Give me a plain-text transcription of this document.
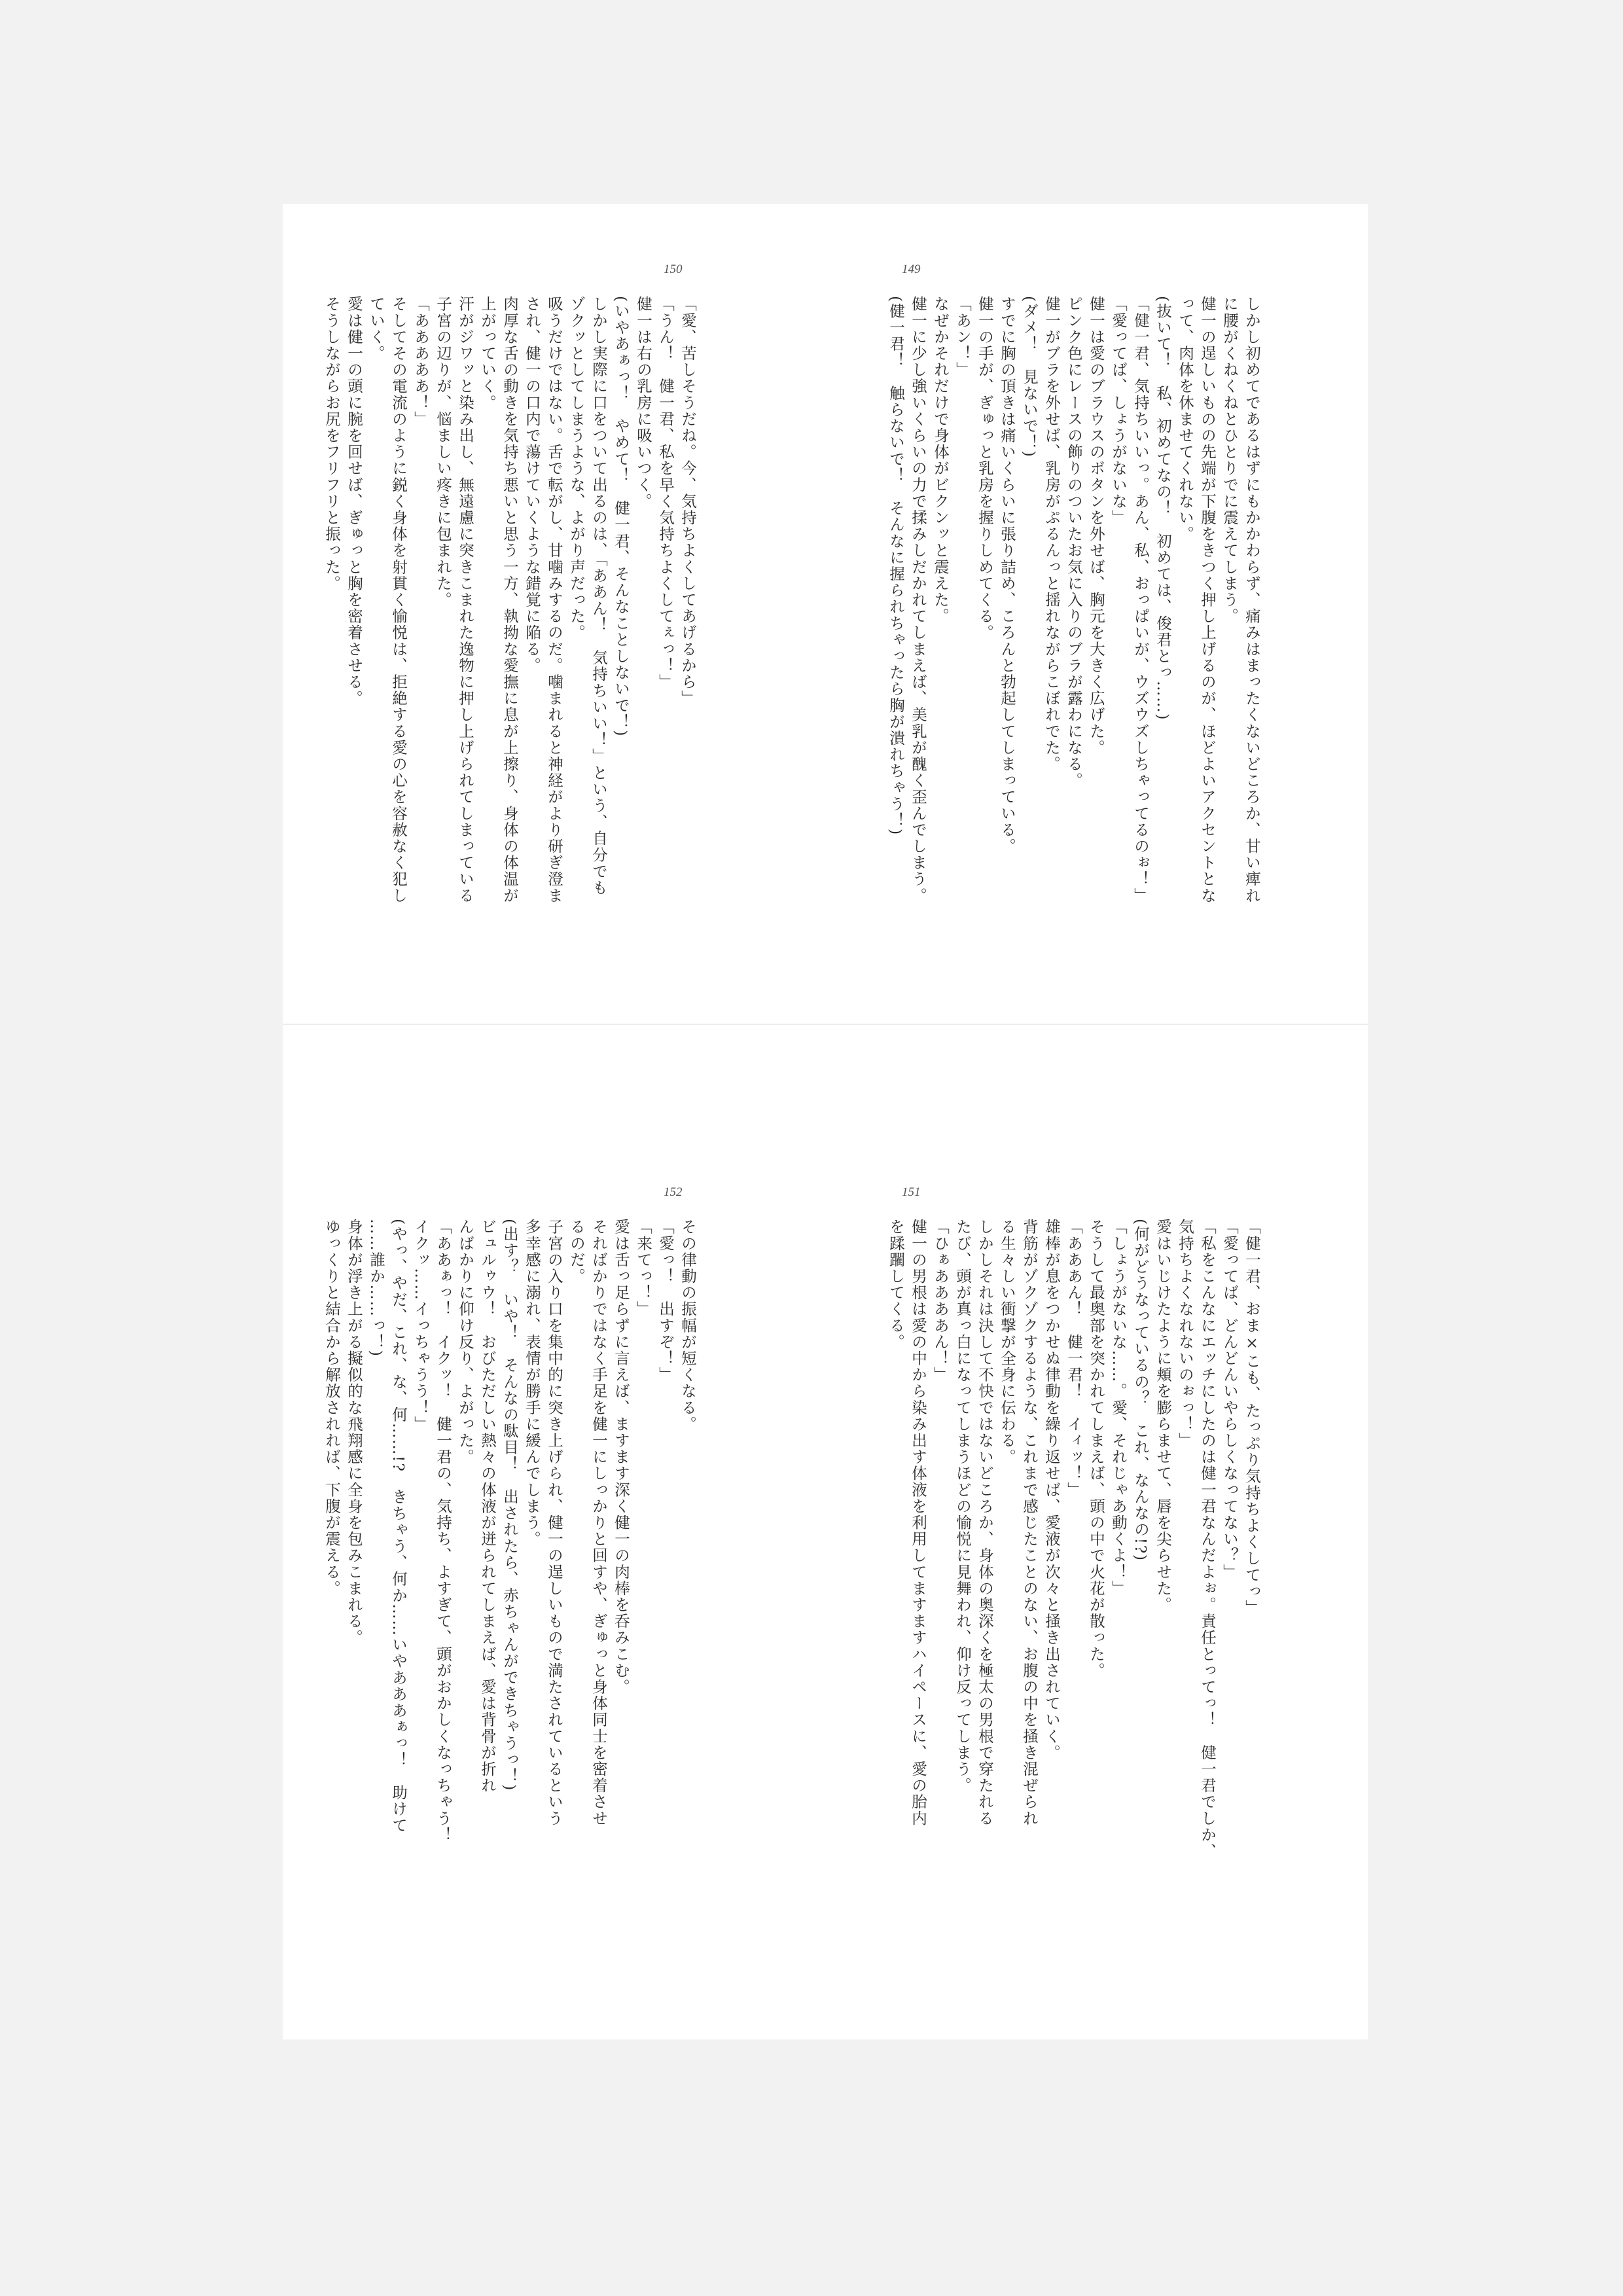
149

しかし初めてであるはずにもかかわらず、痛みはまったくないどころか、甘い痺れ

に腰がくねくねとひとりでに震えてしまう。

健一の逞しいものの先端が下腹をきつく押し上げるのが、ほどよいアクセントとな

って、肉体を休ませてくれない。

(抜いて！　私、初めてなの！　初めては、俊君とっ……)

「健一君、気持ちいいっ。あん、私、おっぱいが、ウズウズしちゃってるのぉ！」

「愛ってば、しょうがないな」

健一は愛のブラウスのボタンを外せば、胸元を大きく広げた。

ピンク色にレースの飾りのついたお気に入りのブラが露わになる。

健一がブラを外せば、乳房がぷるんっと揺れながらこぼれでた。

(ダメ！　見ないで！)

すでに胸の頂きは痛いくらいに張り詰め、ころんと勃起してしまっている。

健一の手が、ぎゅっと乳房を握りしめてくる。

「あン！」

なぜかそれだけで身体がビクンッと震えた。

健一に少し強いくらいの力で揉みしだかれてしまえば、美乳が醜く歪んでしまう。

(健一君！　触らないで！　そんなに握られちゃったら胸が潰れちゃう！)

150

「愛、苦しそうだね。今、気持ちよくしてあげるから」

「うん！　健一君、私を早く気持ちよくしてぇっ！」

健一は右の乳房に吸いつく。

(いやあぁっ！　やめて！　健一君、そんなことしないで！)

しかし実際に口をついて出るのは、「ああん！　気持ちいい！」という、自分でも

ゾクッとしてしまうような、よがり声だった。

吸うだけではない。舌で転がし、甘噛みするのだ。噛まれると神経がより研ぎ澄ま

され、健一の口内で蕩けていくような錯覚に陥る。

肉厚な舌の動きを気持ち悪いと思う一方、執拗な愛撫に息が上擦り、身体の体温が

上がっていく。

汗がジワッと染み出し、無遠慮に突きこまれた逸物に押し上げられてしまっている

子宮の辺りが、悩ましい疼きに包まれた。

「あああああ！」

そしてその電流のように鋭く身体を射貫く愉悦は、拒絶する愛の心を容赦なく犯し

ていく。

愛は健一の頭に腕を回せば、ぎゅっと胸を密着させる。

そうしながらお尻をフリフリと振った。

151

「健一君、おま×こも、たっぷり気持ちよくしてっ」

「愛ってば、どんどんいやらしくなってない？」

「私をこんなにエッチにしたのは健一君なんだよぉ。責任とってっ！　健一君でしか、

気持ちよくなれないのぉっ！」

愛はいじけたように頬を膨らませて、唇を尖らせた。

(何がどうなっているの？　これ、なんなの!?)

「しょうがないな……。愛、それじゃあ動くよ！」

そうして最奥部を突かれてしまえば、頭の中で火花が散った。

「あああん！　健一君！　イィッ！」

雄棒が息をつかせぬ律動を繰り返せば、愛液が次々と掻き出されていく。

背筋がゾクゾクするような、これまで感じたことのない、お腹の中を掻き混ぜられ

る生々しい衝撃が全身に伝わる。

しかしそれは決して不快ではないどころか、身体の奥深くを極太の男根で穿たれる

たび、頭が真っ白になってしまうほどの愉悦に見舞われ、仰け反ってしまう。

「ひぁああああん！」

健一の男根は愛の中から染み出す体液を利用してますますハイペースに、愛の胎内

を蹂躙してくる。

152

その律動の振幅が短くなる。

「愛っ！　出すぞ！」

「来てっ！」

愛は舌っ足らずに言えば、ますます深く健一の肉棒を呑みこむ。

そればかりではなく手足を健一にしっかりと回すや、ぎゅっと身体同士を密着させ

るのだ。

子宮の入り口を集中的に突き上げられ、健一の逞しいもので満たされているという

多幸感に溺れ、表情が勝手に緩んでしまう。

(出す？　いや！　そんなの駄目！　出されたら、赤ちゃんができちゃうっ！)

ビュルゥウ！　おびただしい熱々の体液が迸られてしまえば、愛は背骨が折れ

んばかりに仰け反り、よがった。

「ああぁっ！　イクッ！　健一君の、気持ち、よすぎて、頭がおかしくなっちゃう！

イクッ……イっちゃうう！」

(やっ、やだ、これ、な、何……!?　きちゃう、何か……いやあああぁっ！　助けて

……誰か……っ！)

身体が浮き上がる擬似的な飛翔感に全身を包みこまれる。

ゆっくりと結合から解放されれば、下腹が震える。
